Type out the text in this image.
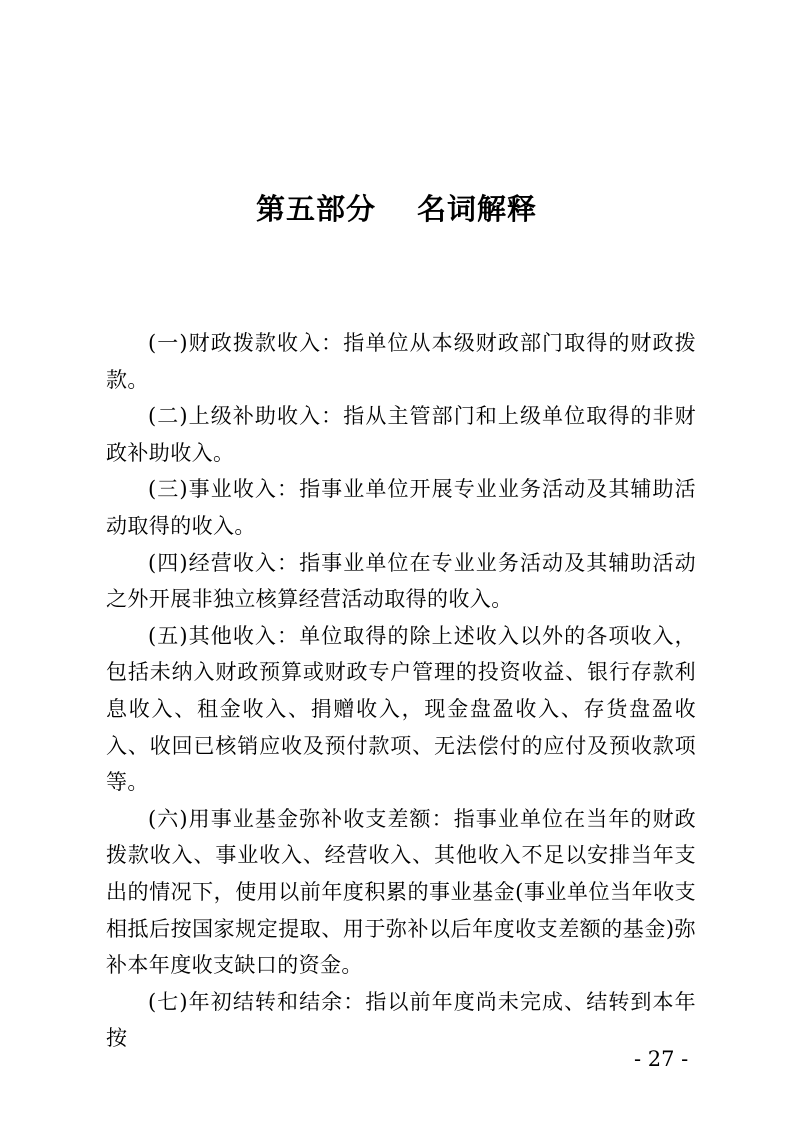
第五部分　 名词解释

(一)财政拨款收入：指单位从本级财政部门取得的财政拨款。

(二)上级补助收入：指从主管部门和上级单位取得的非财政补助收入。

(三)事业收入：指事业单位开展专业业务活动及其辅助活动取得的收入。

(四)经营收入：指事业单位在专业业务活动及其辅助活动之外开展非独立核算经营活动取得的收入。

(五)其他收入：单位取得的除上述收入以外的各项收入，包括未纳入财政预算或财政专户管理的投资收益、银行存款利息收入、租金收入、捐赠收入，现金盘盈收入、存货盘盈收入、收回已核销应收及预付款项、无法偿付的应付及预收款项等。

(六)用事业基金弥补收支差额：指事业单位在当年的财政拨款收入、事业收入、经营收入、其他收入不足以安排当年支出的情况下，使用以前年度积累的事业基金(事业单位当年收支相抵后按国家规定提取、用于弥补以后年度收支差额的基金)弥补本年度收支缺口的资金。

(七)年初结转和结余：指以前年度尚未完成、结转到本年按

- 27 -
